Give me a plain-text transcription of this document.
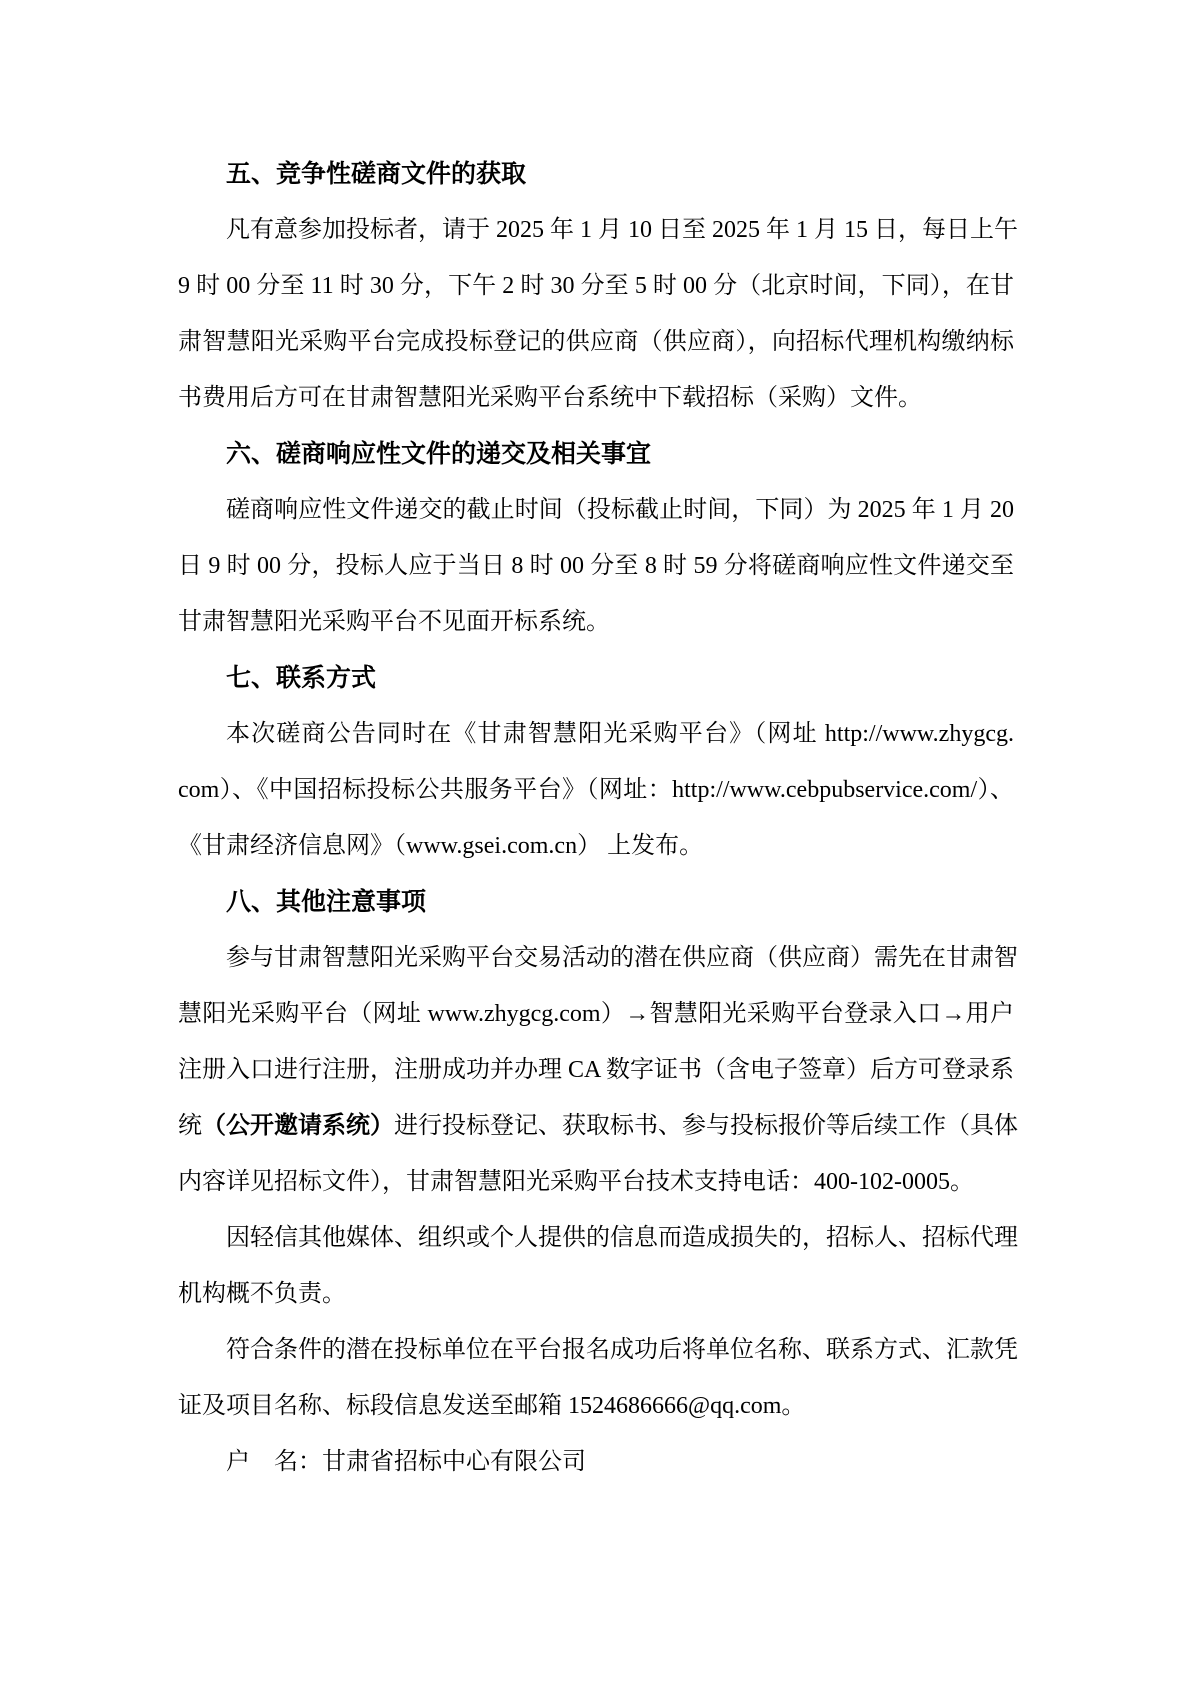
五、竞争性磋商文件的获取
凡有意参加投标者，请于 2025 年 1 月 10 日至 2025 年 1 月 15 日，每日上午
9 时 00 分至 11 时 30 分，下午 2 时 30 分至 5 时 00 分（北京时间，下同），在甘
肃智慧阳光采购平台完成投标登记的供应商（供应商），向招标代理机构缴纳标
书费用后方可在甘肃智慧阳光采购平台系统中下载招标（采购）文件。
六、磋商响应性文件的递交及相关事宜
磋商响应性文件递交的截止时间（投标截止时间，下同）为 2025 年 1 月 20
日 9 时 00 分，投标人应于当日 8 时 00 分至 8 时 59 分将磋商响应性文件递交至
甘肃智慧阳光采购平台不见面开标系统。
七、联系方式
本次磋商公告同时在《甘肃智慧阳光采购平台》（网址 http://www.zhygcg.
com）、《中国招标投标公共服务平台》（网址：http://www.cebpubservice.com/）、
《甘肃经济信息网》（www.gsei.com.cn） 上发布。
八、其他注意事项
参与甘肃智慧阳光采购平台交易活动的潜在供应商（供应商）需先在甘肃智
慧阳光采购平台（网址 www.zhygcg.com）→智慧阳光采购平台登录入口→用户
注册入口进行注册，注册成功并办理 CA 数字证书（含电子签章）后方可登录系
统（公开邀请系统）进行投标登记、获取标书、参与投标报价等后续工作（具体
内容详见招标文件），甘肃智慧阳光采购平台技术支持电话：400-102-0005。
因轻信其他媒体、组织或个人提供的信息而造成损失的，招标人、招标代理
机构概不负责。
符合条件的潜在投标单位在平台报名成功后将单位名称、联系方式、汇款凭
证及项目名称、标段信息发送至邮箱 1524686666@qq.com。
户　名：甘肃省招标中心有限公司
